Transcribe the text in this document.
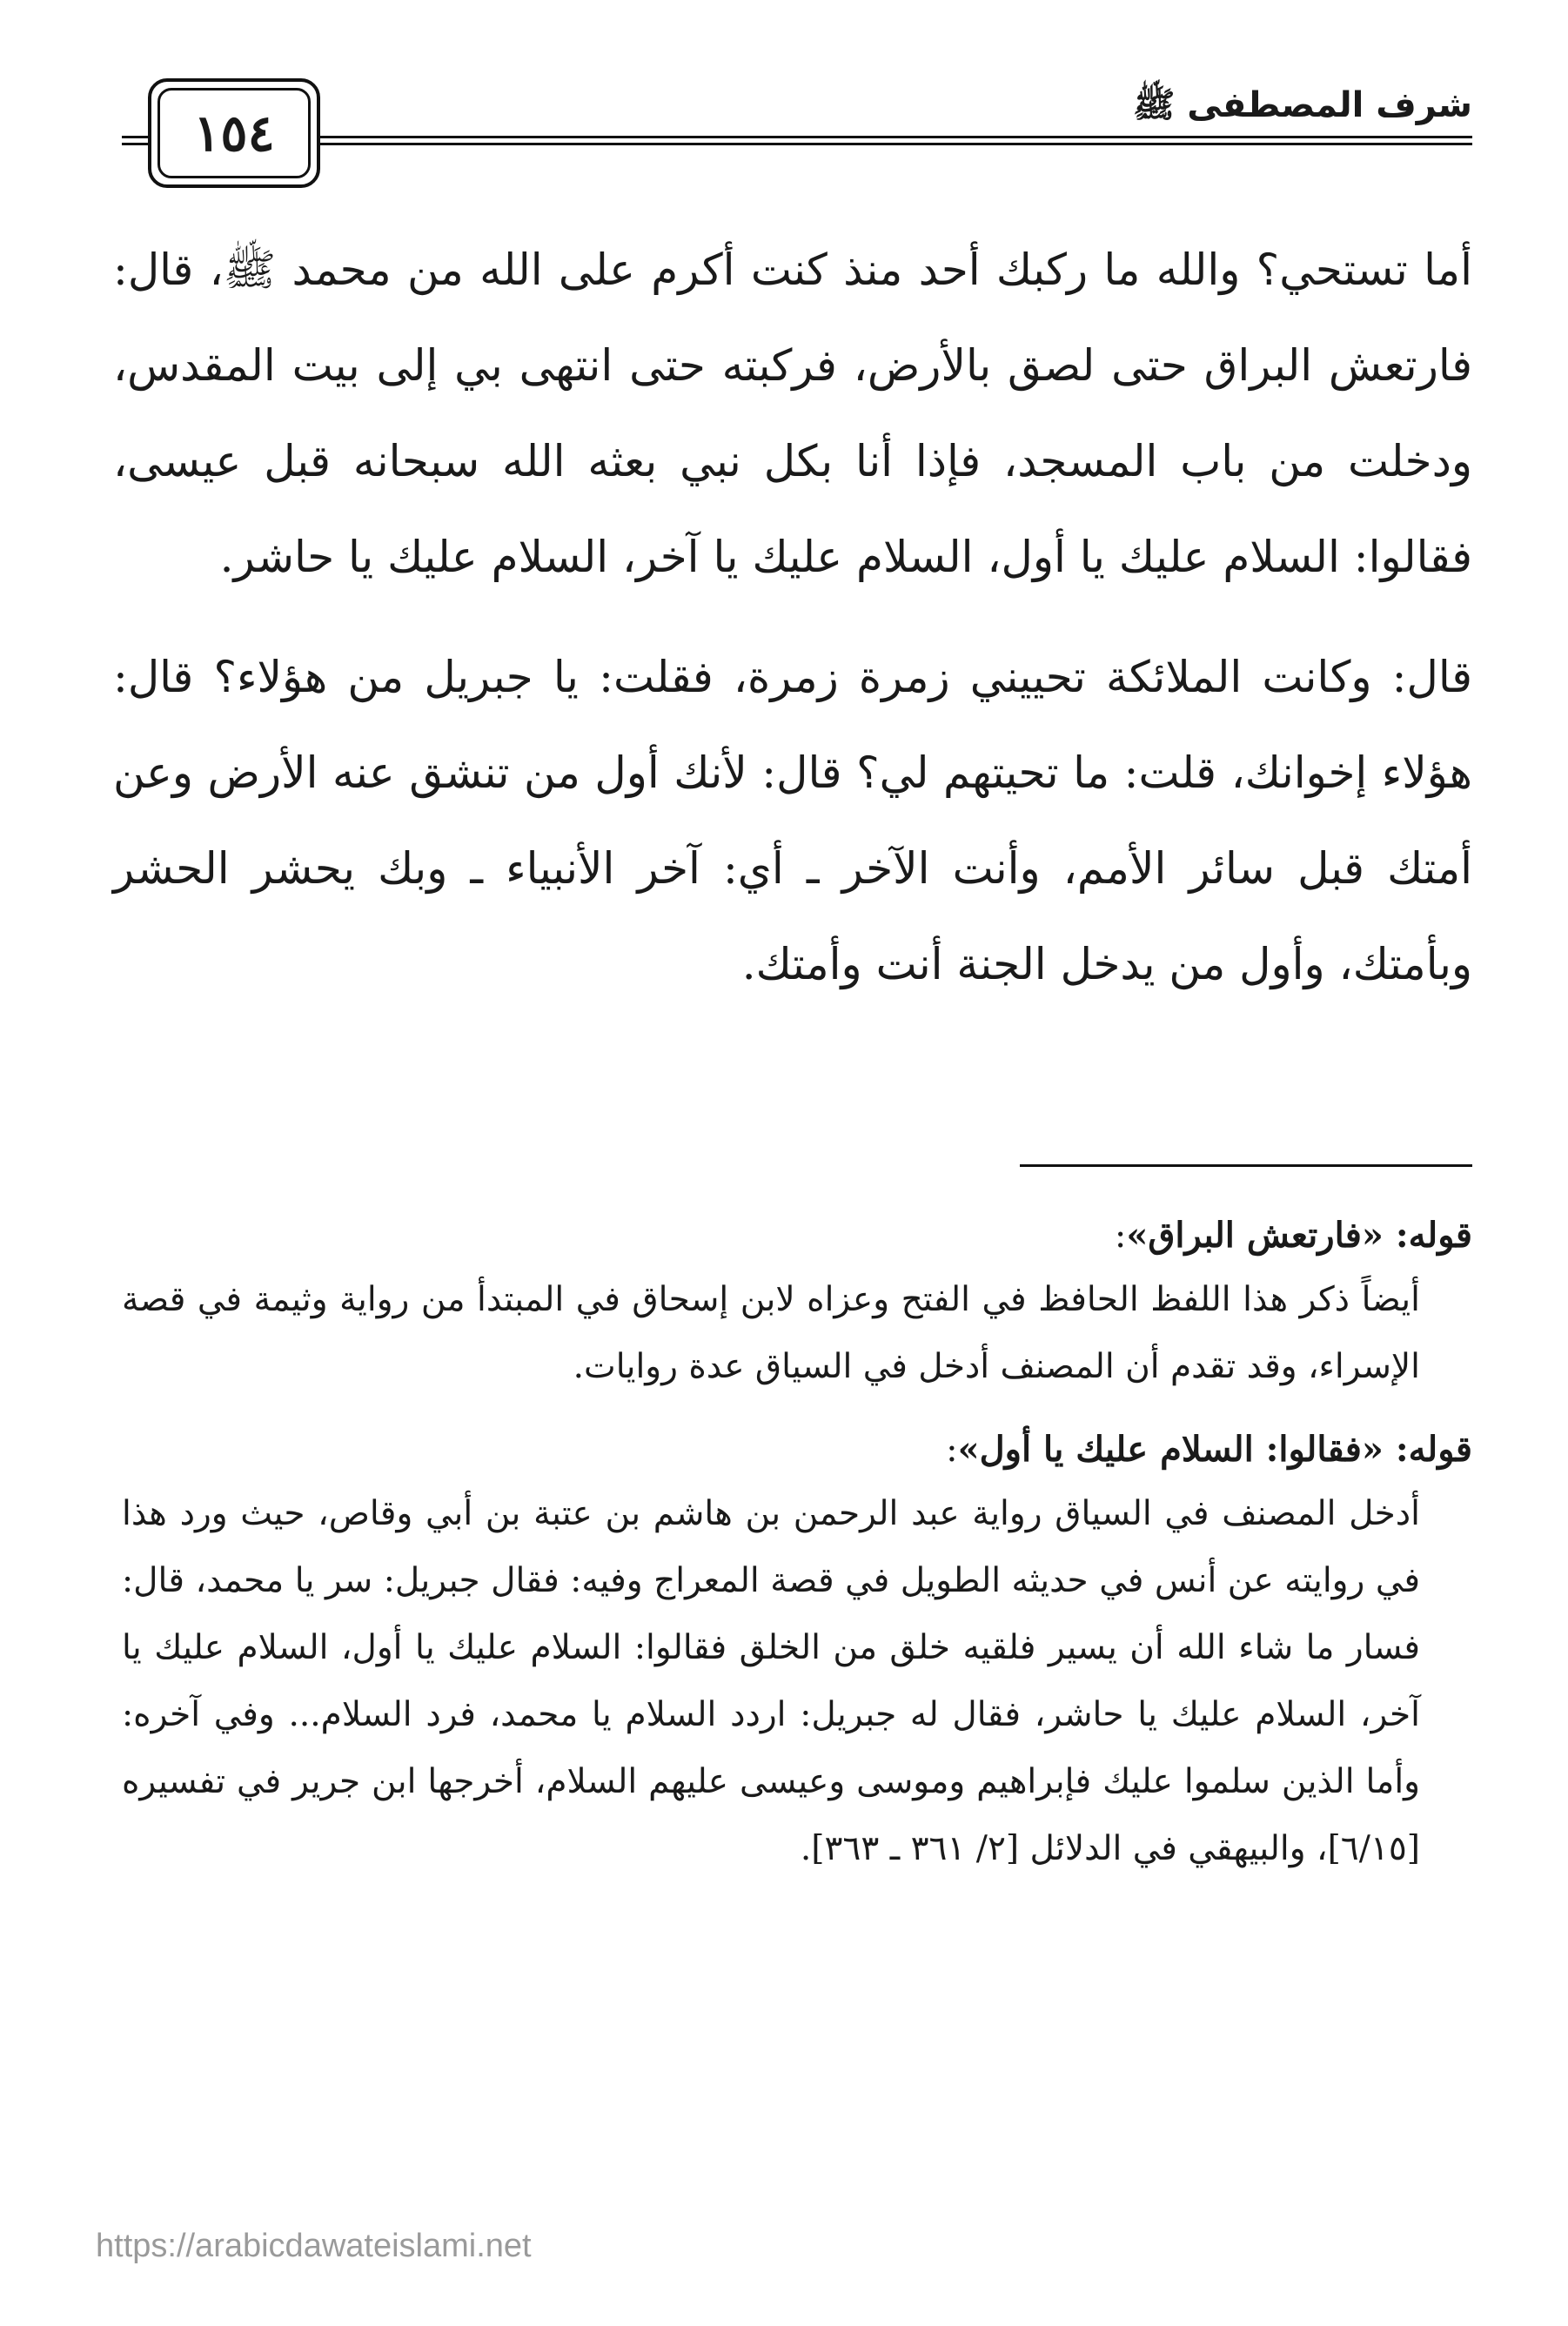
شرف المصطفى ﷺ
١٥٤

أما تستحي؟ والله ما ركبك أحد منذ كنت أكرم على الله من محمد ﷺ، قال: فارتعش البراق حتى لصق بالأرض، فركبته حتى انتهى بي إلى بيت المقدس، ودخلت من باب المسجد، فإذا أنا بكل نبي بعثه الله سبحانه قبل عيسى، فقالوا: السلام عليك يا أول، السلام عليك يا آخر، السلام عليك يا حاشر.

قال: وكانت الملائكة تحييني زمرة زمرة، فقلت: يا جبريل من هؤلاء؟ قال: هؤلاء إخوانك، قلت: ما تحيتهم لي؟ قال: لأنك أول من تنشق عنه الأرض وعن أمتك قبل سائر الأمم، وأنت الآخر ـ أي: آخر الأنبياء ـ وبك يحشر الحشر وبأمتك، وأول من يدخل الجنة أنت وأمتك.

قوله: «فارتعش البراق»:
أيضاً ذكر هذا اللفظ الحافظ في الفتح وعزاه لابن إسحاق في المبتدأ من رواية وثيمة في قصة الإسراء، وقد تقدم أن المصنف أدخل في السياق عدة روايات.
قوله: «فقالوا: السلام عليك يا أول»:
أدخل المصنف في السياق رواية عبد الرحمن بن هاشم بن عتبة بن أبي وقاص، حيث ورد هذا في روايته عن أنس في حديثه الطويل في قصة المعراج وفيه: فقال جبريل: سر يا محمد، قال: فسار ما شاء الله أن يسير فلقيه خلق من الخلق فقالوا: السلام عليك يا أول، السلام عليك يا آخر، السلام عليك يا حاشر، فقال له جبريل: اردد السلام يا محمد، فرد السلام... وفي آخره: وأما الذين سلموا عليك فإبراهيم وموسى وعيسى عليهم السلام، أخرجها ابن جرير في تفسيره [٦/١٥]، والبيهقي في الدلائل [٢/ ٣٦١ ـ ٣٦٣].
https://arabicdawateislami.net
